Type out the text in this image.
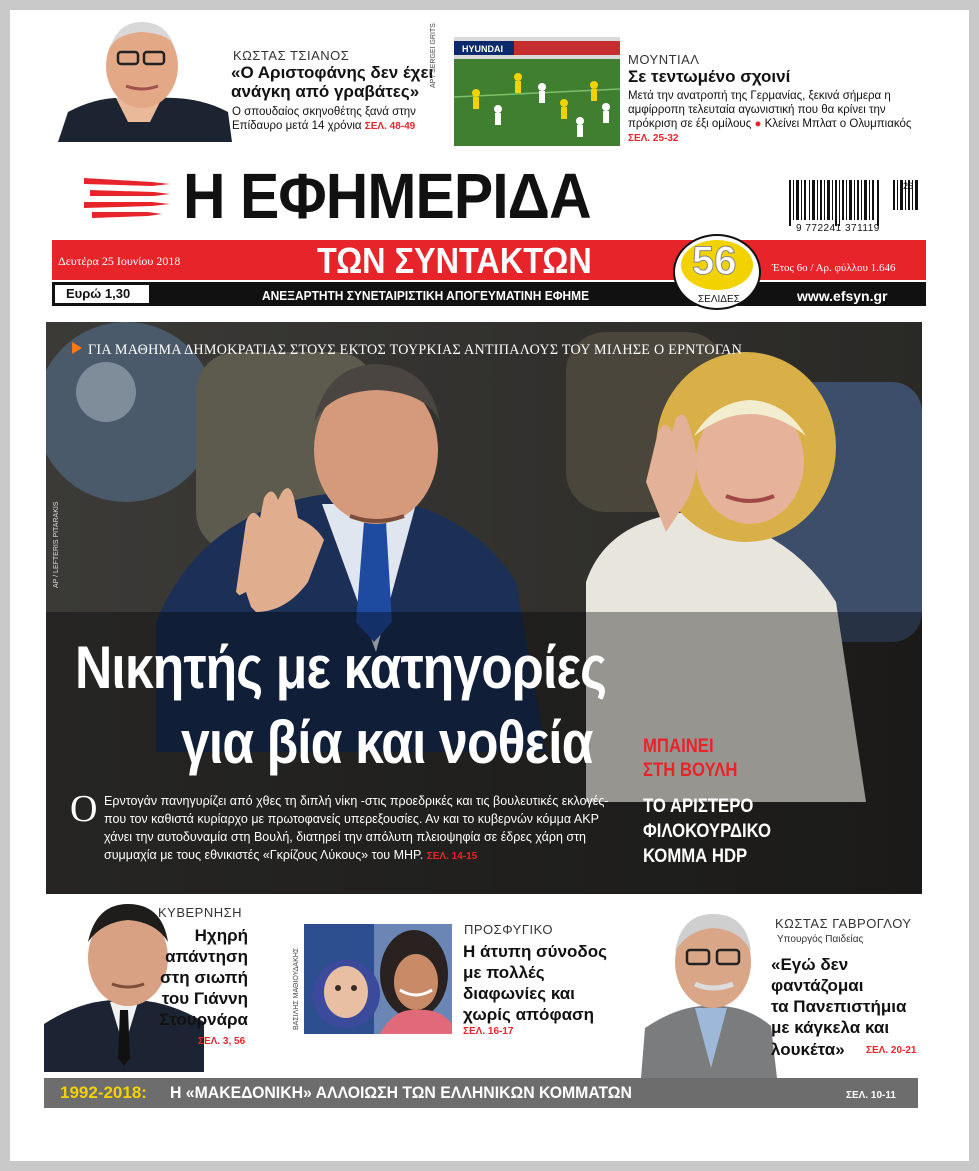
ΚΩΣΤΑΣ ΤΣΙΑΝΟΣ
«Ο Αριστοφάνης δεν έχει ανάγκη από γραβάτες»
Ο σπουδαίος σκηνοθέτης ξανά στην Επίδαυρο μετά 14 χρόνια ΣΕΛ. 48-49
HYUNDAI
AP / SERGEI GRITS	ΜΟΥΝΤΙΑΛ
Σε τεντωμένο σχοινί
Μετά την ανατροπή της Γερμανίας, ξεκινά σήμερα η αμφίρροπη τελευταία αγωνιστική που θα κρίνει την πρόκριση σε έξι ομίλους ● Κλείνει Μπλατ ο Ολυμπιακός ΣΕΛ. 25-32
Η ΕΦΗΜΕΡΙΔΑ	26
9 772241 371119
Δευτέρα 25 Ιουνίου 2018	ΤΩΝ ΣΥΝΤΑΚΤΩΝ	Έτος 6ο / Αρ. φύλλου 1.646
Ευρώ 1,30	ΑΝΕΞΑΡΤΗΤΗ ΣΥΝΕΤΑΙΡΙΣΤΙΚΗ ΑΠΟΓΕΥΜΑΤΙΝΗ ΕΦΗΜΕ	www.efsyn.gr
56
ΣΕΛΙΔΕΣ
ΓΙΑ ΜΑΘΗΜΑ ΔΗΜΟΚΡΑΤΙΑΣ ΣΤΟΥΣ ΕΚΤΟΣ ΤΟΥΡΚΙΑΣ ΑΝΤΙΠΑΛΟΥΣ ΤΟΥ ΜΙΛΗΣΕ Ο ΕΡΝΤΟΓΑΝ
AP / LEFTERIS PITARAKIS
Νικητής με κατηγορίες
για βία και νοθεία
Ο Ερντογάν πανηγυρίζει από χθες τη διπλή νίκη -στις προεδρικές και τις βουλευτικές εκλογές- που τον καθιστά κυρίαρχο με πρωτοφανείς υπερεξουσίες. Αν και το κυβερνών κόμμα ΑΚΡ χάνει την αυτοδυναμία στη Βουλή, διατηρεί την απόλυτη πλειοψηφία σε έδρες χάρη στη συμμαχία με τους εθνικιστές «Γκρίζους Λύκους» του ΜΗΡ. ΣΕΛ. 14-15
ΜΠΑΙΝΕΙ
ΣΤΗ ΒΟΥΛΗ
ΤΟ ΑΡΙΣΤΕΡΟ
ΦΙΛΟΚΟΥΡΔΙΚΟ
ΚΟΜΜΑ HDP
ΚΥΒΕΡΝΗΣΗ
Ηχηρή
απάντηση
στη σιωπή
του Γιάννη
Στουρνάρα
ΣΕΛ. 3, 56
ΒΑΣΙΛΗΣ ΜΑΘΙΟΥΔΑΚΗΣ
ΠΡΟΣΦΥΓΙΚΟ
Η άτυπη σύνοδος
με πολλές
διαφωνίες και
χωρίς απόφαση
ΣΕΛ. 16-17
ΚΩΣΤΑΣ ΓΑΒΡΟΓΛΟΥ
Υπουργός Παιδείας
«Εγώ δεν
φαντάζομαι
τα Πανεπιστήμια
με κάγκελα και
λουκέτα» ΣΕΛ. 20-21
1992-2018: Η «ΜΑΚΕΔΟΝΙΚΗ» ΑΛΛΟΙΩΣΗ ΤΩΝ ΕΛΛΗΝΙΚΩΝ ΚΟΜΜΑΤΩΝ	ΣΕΛ. 10-11
